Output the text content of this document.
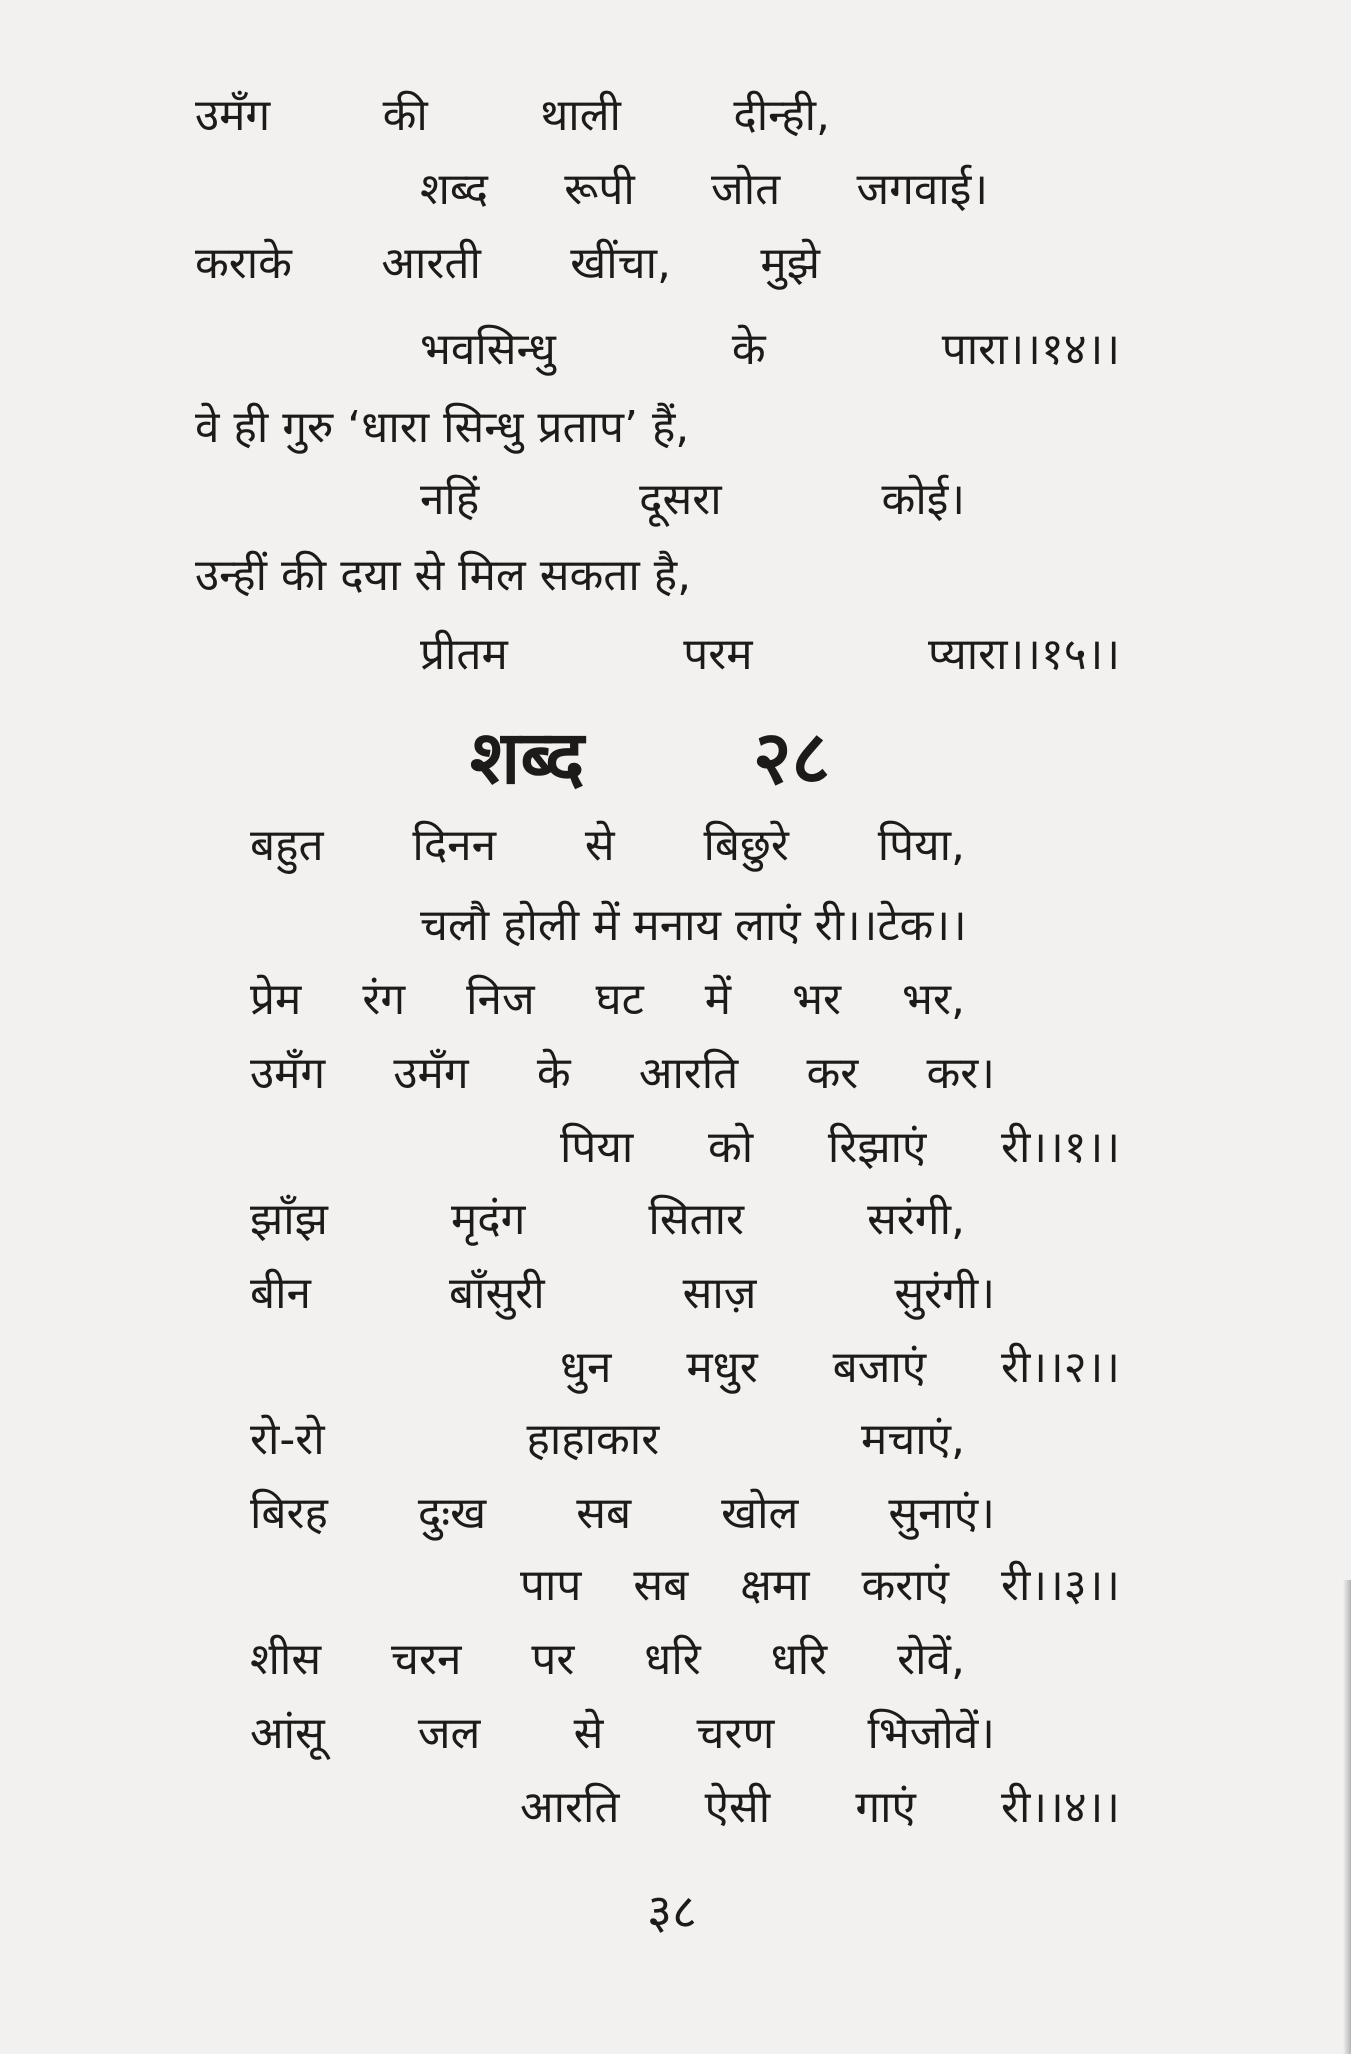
उमँग	की	थाली	दीन्ही,
शब्द रूपी जोत जगवाई।
कराके आरती खींचा, मुझे
भवसिन्धु	के	पारा।।१४।।
वे ही गुरु ‘धारा सिन्धु प्रताप’ हैं,
नहिं	दूसरा	कोई।
उन्हीं की दया से मिल सकता है,
प्रीतम	परम	प्यारा।।१५।।
शब्द २८
बहुत दिनन से बिछुरे पिया,
चलौ होली में मनाय लाएं री।।टेक।।
प्रेम रंग निज घट में भर भर,
उमँग उमँग के आरति कर कर।
पिया को रिझाएं री।।१।।
झाँझ	मृदंग	सितार	सरंगी,
बीन	बाँसुरी	साज़	सुरंगी।
धुन मधुर बजाएं री।।२।।
रो-रो	हाहाकार	मचाएं,
बिरह दुःख सब खोल सुनाएं।
पाप सब क्षमा कराएं री।।३।।
शीस चरन पर धरि धरि रोवें,
आंसू जल से चरण भिजोवें।
आरति ऐसी गाएं री।।४।।
३८
